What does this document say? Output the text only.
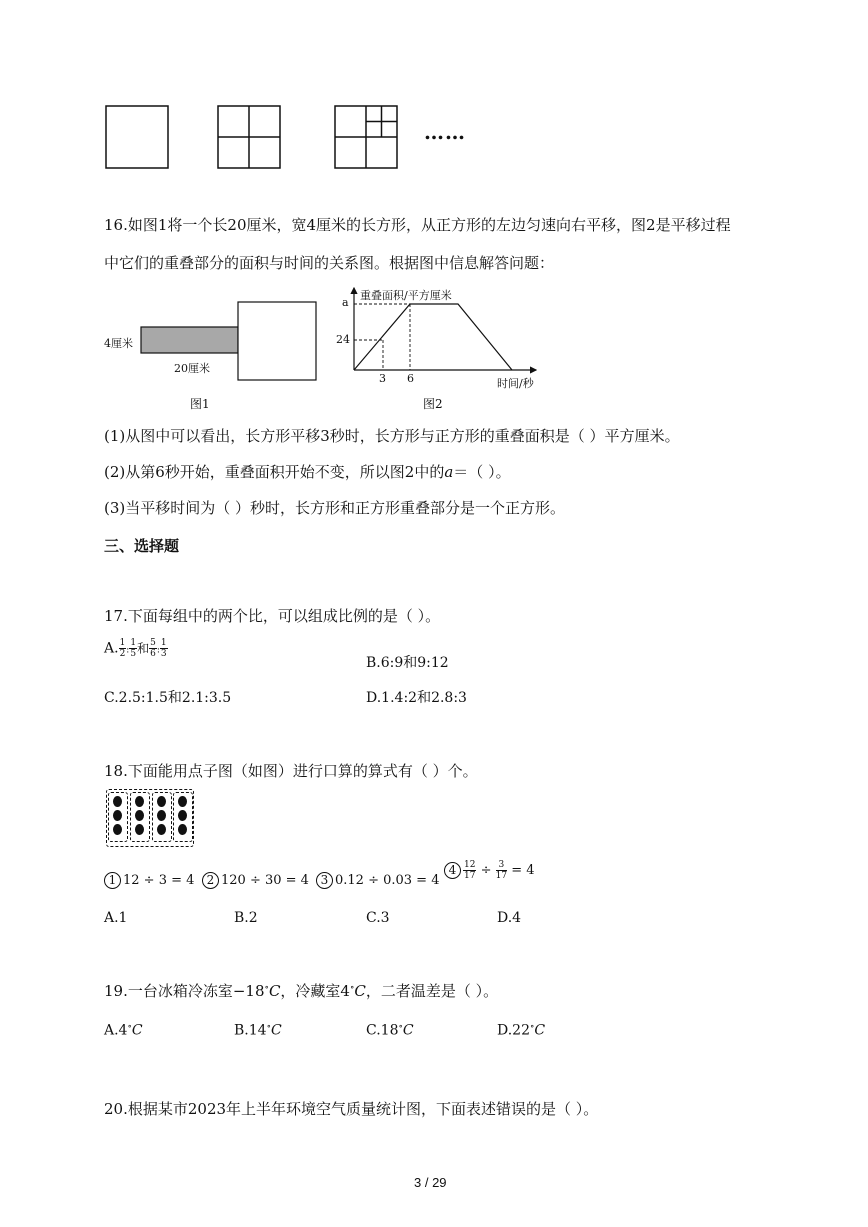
……
16.如图1将一个长20厘米，宽4厘米的长方形，从正方形的左边匀速向右平移，图2是平移过程
中它们的重叠部分的面积与时间的关系图。根据图中信息解答问题：
4厘米
20厘米
图1
重叠面积/平方厘米
a
24
3 6	时间/秒
图2
(1)从图中可以看出，长方形平移3秒时，长方形与正方形的重叠面积是（ ）平方厘米。
(2)从第6秒开始，重叠面积开始不变，所以图2中的a＝（ ）。
(3)当平移时间为（ ）秒时，长方形和正方形重叠部分是一个正方形。
三、选择题
17.下面每组中的两个比，可以组成比例的是（ ）。
A. $\frac{1}{2}$ : $\frac{1}{5}$ 和 $\frac{5}{6}$ : $\frac{1}{3}$
B.6:9和9:12
C.2.5:1.5和2.1:3.5	D.1.4:2和2.8:3
18.下面能用点子图（如图）进行口算的算式有（ ）个。
1 12 ÷ 3 = 4	2 120 ÷ 30 = 4 3 0.12 ÷ 0.03 = 4
$4 \frac{12}{17} \div \frac{3}{17} = 4$
A.1	B.2	C.3	D.4
19.一台冰箱冷冻室−18∘C，冷藏室4∘C，二者温差是（ ）。
A.4∘C	B.14∘C	C.18∘C	D.22∘C
20.根据某市2023年上半年环境空气质量统计图，下面表述错误的是（ ）。
3 / 29
